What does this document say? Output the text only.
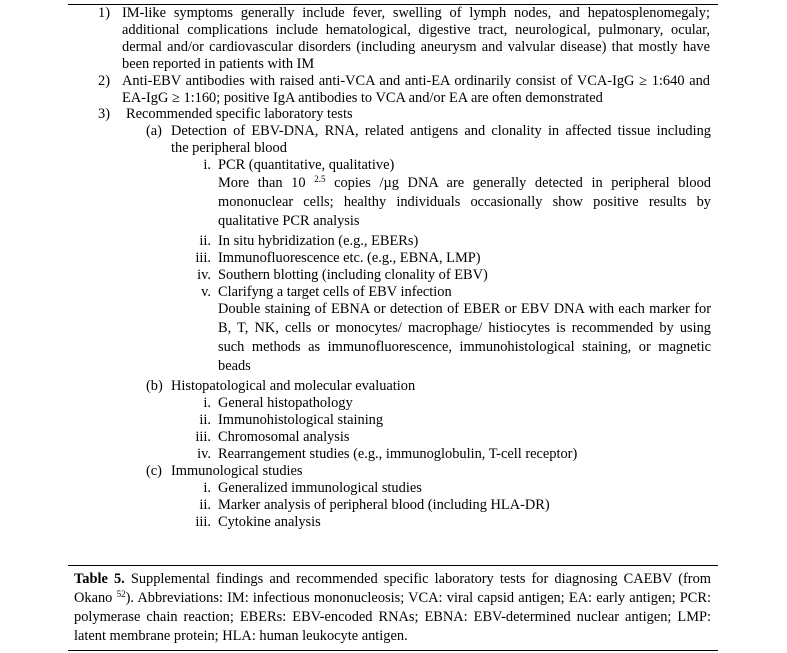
1) IM-like symptoms generally include fever, swelling of lymph nodes, and hepatosplenomegaly;
additional complications include hematological, digestive tract, neurological, pulmonary, ocular,
dermal and/or cardiovascular disorders (including aneurysm and valvular disease) that mostly have
been reported in patients with IM
2) Anti-EBV antibodies with raised anti-VCA and anti-EA ordinarily consist of VCA-IgG ≥ 1:640 and
EA-IgG ≥ 1:160; positive IgA antibodies to VCA and/or EA are often demonstrated
3) Recommended specific laboratory tests
(a) Detection of EBV-DNA, RNA, related antigens and clonality in affected tissue including
the peripheral blood
i. PCR (quantitative, qualitative)
More than 10 $^{2.5}$ copies /µg DNA are generally detected in peripheral blood
mononuclear cells; healthy individuals occasionally show positive results by
qualitative PCR analysis
ii. In situ hybridization (e.g., EBERs)
iii. Immunofluorescence etc. (e.g., EBNA, LMP)
iv. Southern blotting (including clonality of EBV)
v. Clarifyng a target cells of EBV infection
Double staining of EBNA or detection of EBER or EBV DNA with each marker for
B, T, NK, cells or monocytes/ macrophage/ histiocytes is recommended by using
such methods as immunofluorescence, immunohistological staining, or magnetic
beads
(b) Histopatological and molecular evaluation
i. General histopathology
ii. Immunohistological staining
iii. Chromosomal analysis
iv. Rearrangement studies (e.g., immunoglobulin, T-cell receptor)
(c) Immunological studies
i. Generalized immunological studies
ii. Marker analysis of peripheral blood (including HLA-DR)
iii. Cytokine analysis
Table 5. Supplemental findings and recommended specific laboratory tests for diagnosing CAEBV (from
Okano $^{52}$). Abbreviations: IM: infectious mononucleosis; VCA: viral capsid antigen; EA: early antigen; PCR:
polymerase chain reaction; EBERs: EBV-encoded RNAs; EBNA: EBV-determined nuclear antigen; LMP:
latent membrane protein; HLA: human leukocyte antigen.
